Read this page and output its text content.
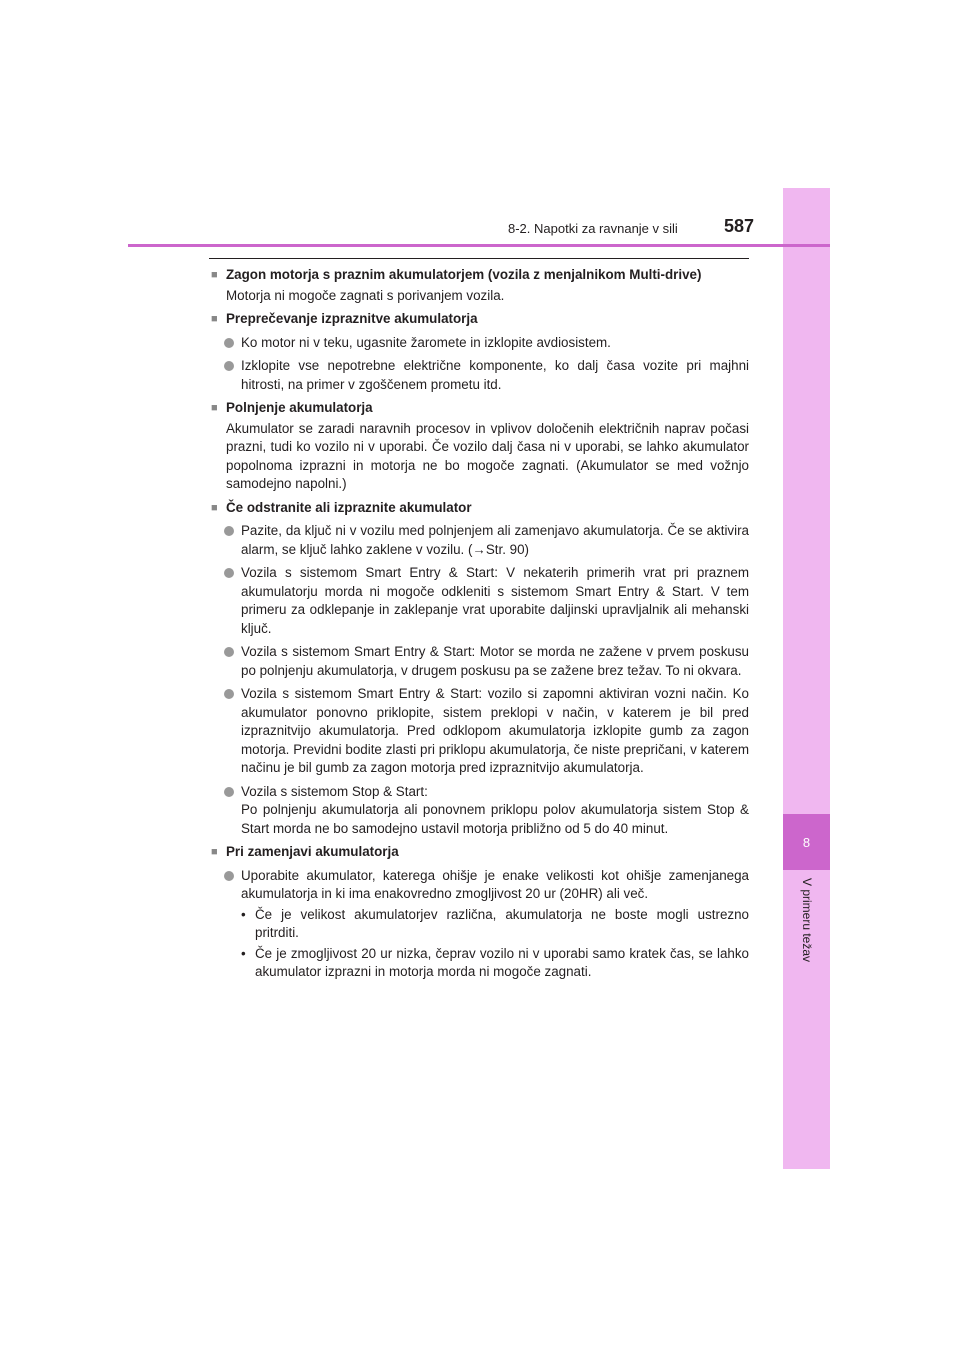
8
V primeru težav
8-2. Napotki za ravnanje v sili	587
■ Zagon motorja s praznim akumulatorjem (vozila z menjalnikom Multi-drive)
Motorja ni mogoče zagnati s porivanjem vozila.
■ Preprečevanje izpraznitve akumulatorja
Ko motor ni v teku, ugasnite žaromete in izklopite avdiosistem.
Izklopite vse nepotrebne električne komponente, ko dalj časa vozite pri majhni hitrosti, na primer v zgoščenem prometu itd.
■ Polnjenje akumulatorja
Akumulator se zaradi naravnih procesov in vplivov določenih električnih naprav počasi prazni, tudi ko vozilo ni v uporabi. Če vozilo dalj časa ni v uporabi, se lahko akumulator popolnoma izprazni in motorja ne bo mogoče zagnati. (Akumulator se med vožnjo samodejno napolni.)
■ Če odstranite ali izpraznite akumulator
Pazite, da ključ ni v vozilu med polnjenjem ali zamenjavo akumulatorja. Če se aktivira alarm, se ključ lahko zaklene v vozilu. (→Str. 90)
Vozila s sistemom Smart Entry & Start: V nekaterih primerih vrat pri praznem akumulatorju morda ni mogoče odkleniti s sistemom Smart Entry & Start. V tem primeru za odklepanje in zaklepanje vrat uporabite daljinski upravljalnik ali mehanski ključ.
Vozila s sistemom Smart Entry & Start: Motor se morda ne zažene v prvem poskusu po polnjenju akumulatorja, v drugem poskusu pa se zažene brez težav. To ni okvara.
Vozila s sistemom Smart Entry & Start: vozilo si zapomni aktiviran vozni način. Ko akumulator ponovno priklopite, sistem preklopi v način, v katerem je bil pred izpraznitvijo akumulatorja. Pred odklopom akumulatorja izklopite gumb za zagon motorja. Previdni bodite zlasti pri priklopu akumulatorja, če niste prepričani, v katerem načinu je bil gumb za zagon motorja pred izpraznitvijo akumulatorja.
Vozila s sistemom Stop & Start:
Po polnjenju akumulatorja ali ponovnem priklopu polov akumulatorja sistem Stop & Start morda ne bo samodejno ustavil motorja približno od 5 do 40 minut.
■ Pri zamenjavi akumulatorja
Uporabite akumulator, katerega ohišje je enake velikosti kot ohišje zamenjanega akumulatorja in ki ima enakovredno zmogljivost 20 ur (20HR) ali več.
• Če je velikost akumulatorjev različna, akumulatorja ne boste mogli ustrezno pritrditi.
• Če je zmogljivost 20 ur nizka, čeprav vozilo ni v uporabi samo kratek čas, se lahko akumulator izprazni in motorja morda ni mogoče zagnati.
